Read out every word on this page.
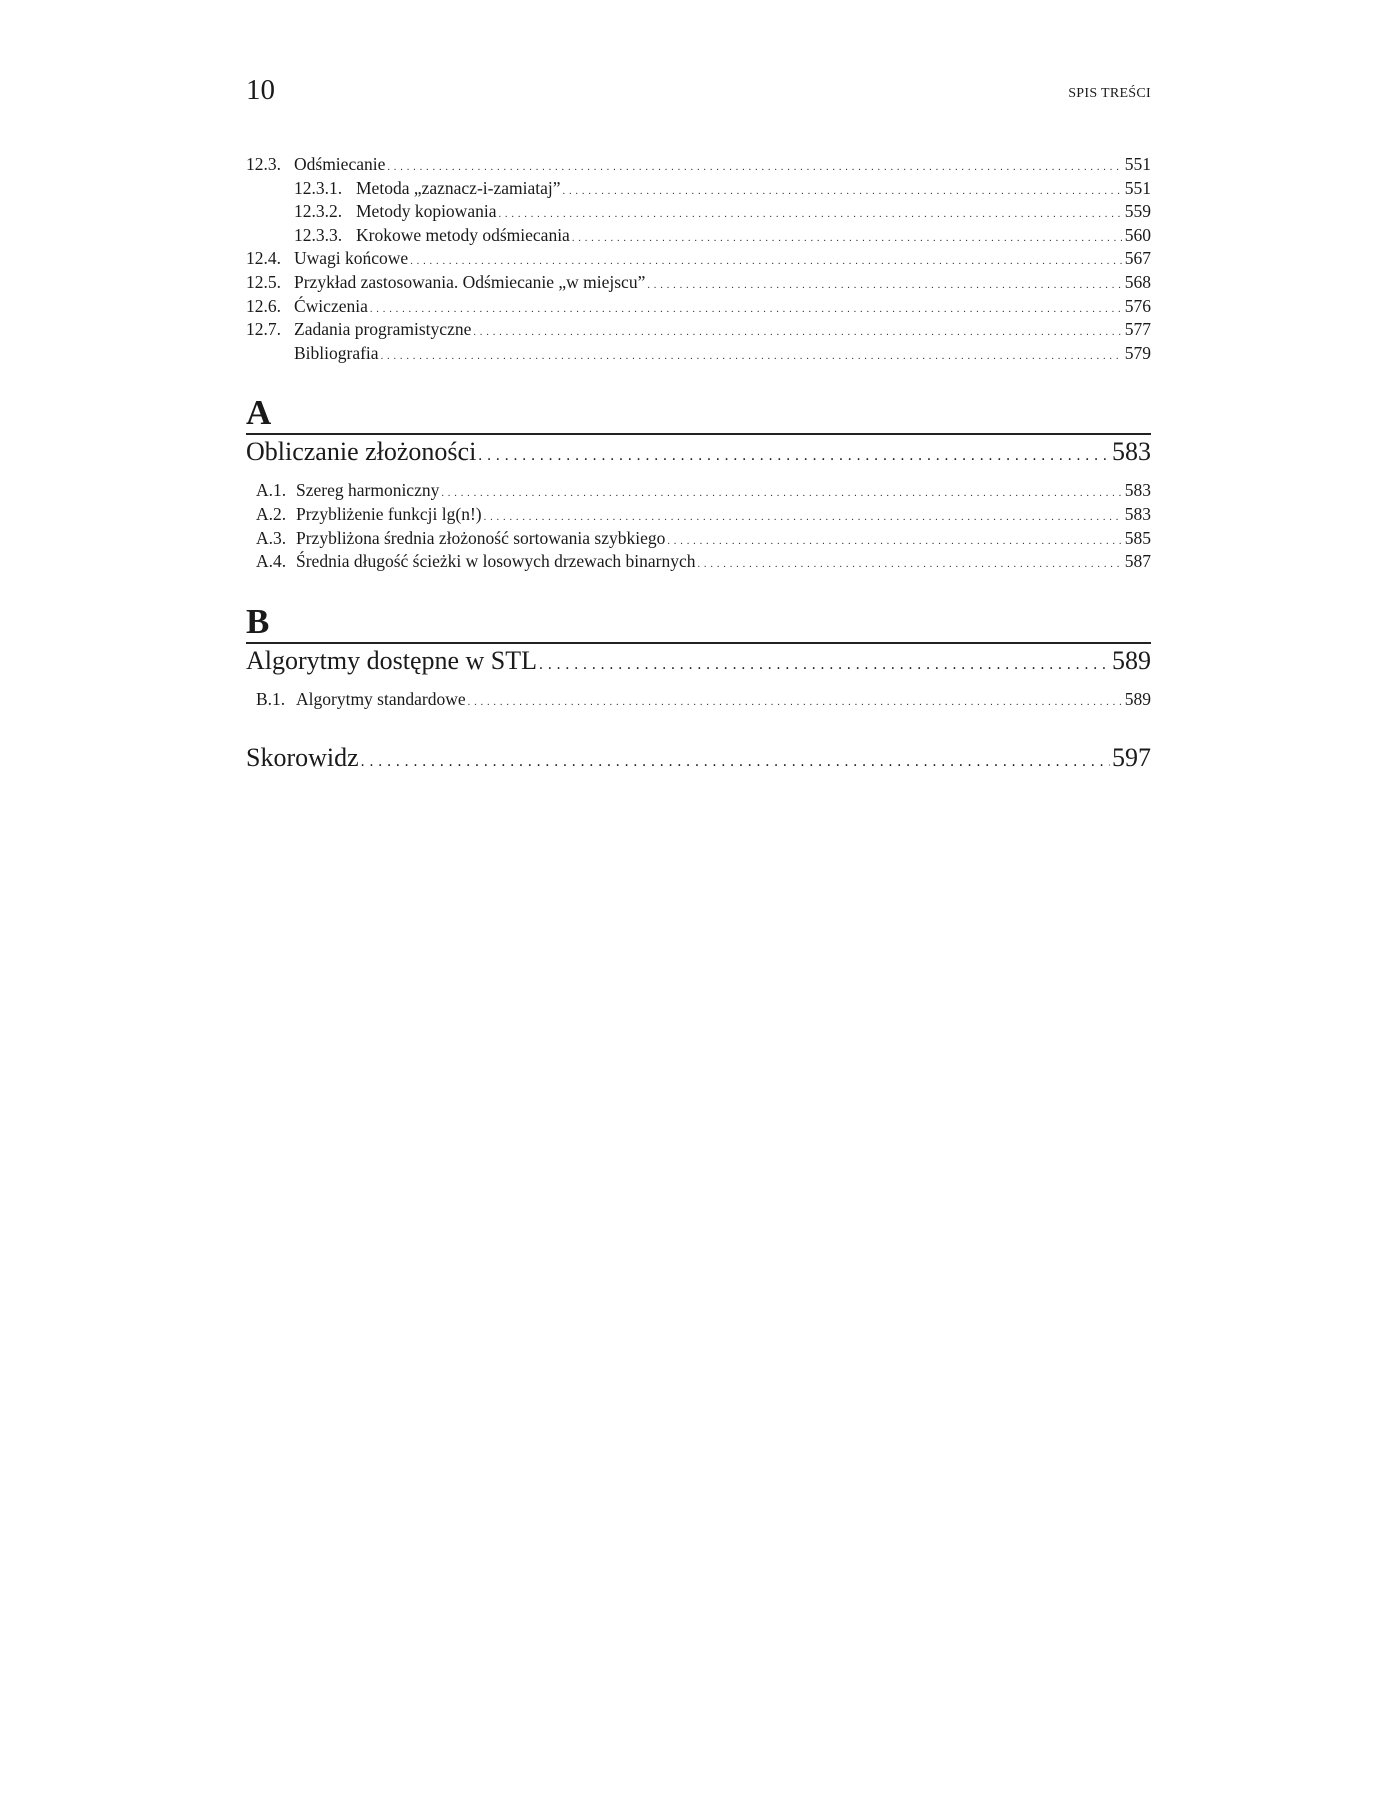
10	SPIS TREŚCI
12.3. Odśmiecanie . . .	551
12.3.1. Metoda „zaznacz-i-zamiataj” . . .	551
12.3.2. Metody kopiowania . . .	559
12.3.3. Krokowe metody odśmiecania . . .	560
12.4. Uwagi końcowe . . .	567
12.5. Przykład zastosowania. Odśmiecanie „w miejscu” . . .	568
12.6. Ćwiczenia . . .	576
12.7. Zadania programistyczne . . .	577
Bibliografia . . .	579
A
Obliczanie złożoności . . .	583
A.1. Szereg harmoniczny . . .	583
A.2. Przybliżenie funkcji lg(n!) . . .	583
A.3. Przybliżona średnia złożoność sortowania szybkiego . . .	585
A.4. Średnia długość ścieżki w losowych drzewach binarnych . . .	587
B
Algorytmy dostępne w STL . . .	589
B.1. Algorytmy standardowe . . .	589
Skorowidz . . .	597
